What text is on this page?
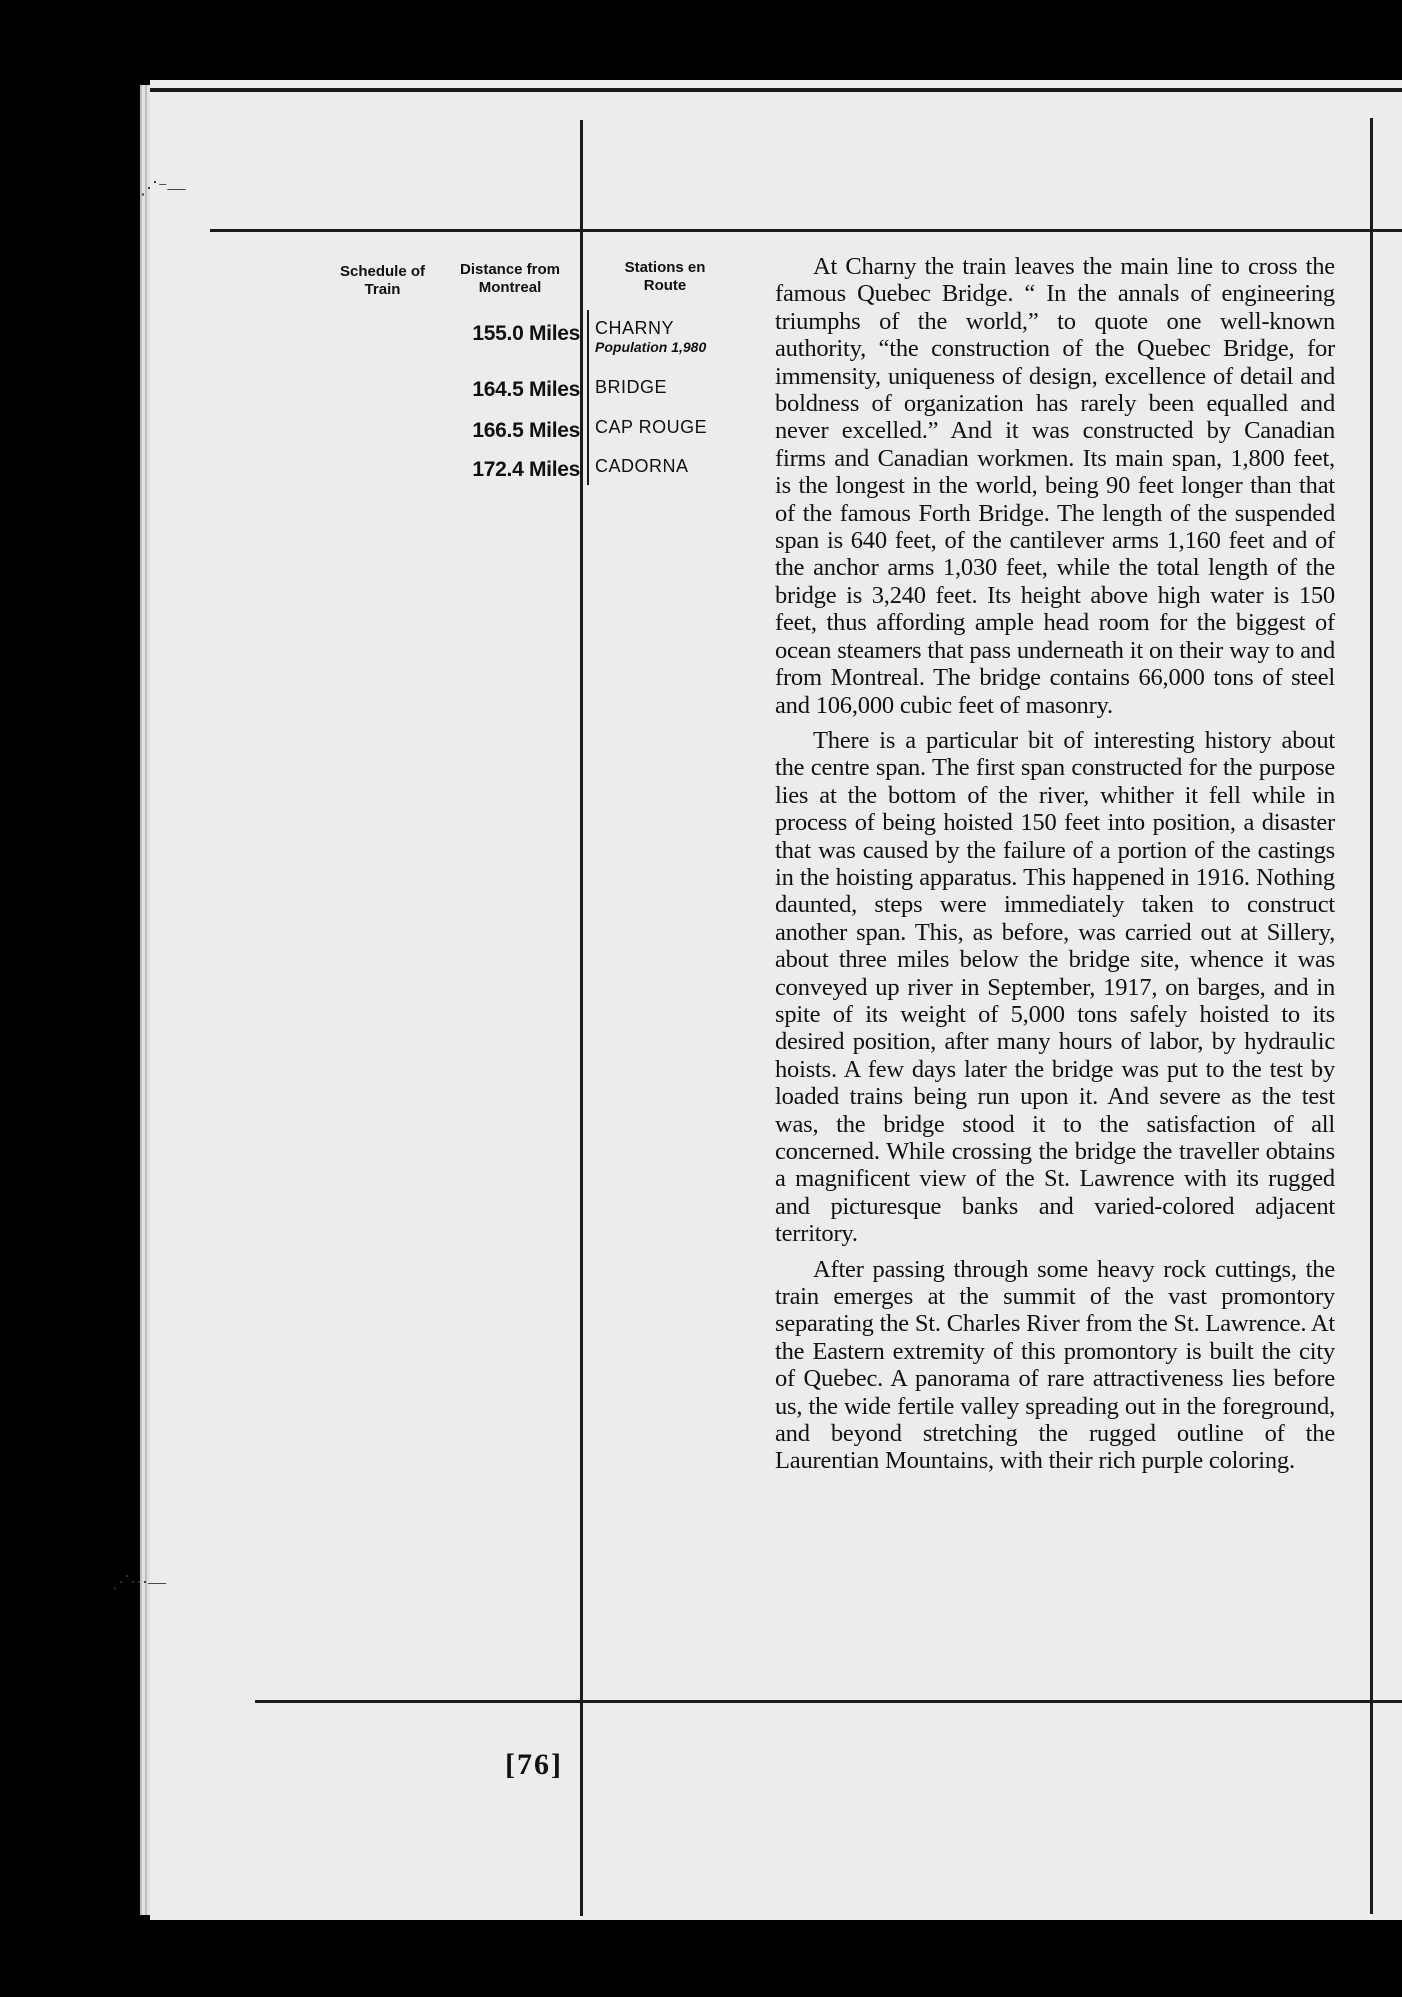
⋰⁻—
⋰⋯—
Schedule of Train
Distance from Montreal
Stations en Route
155.0 Miles CHARNY
Population 1,980
164.5 Miles BRIDGE
166.5 Miles CAP ROUGE
172.4 Miles CADORNA

At Charny the train leaves the main line to cross the famous Quebec Bridge. “ In the annals of engineering triumphs of the world,” to quote one well-known authority, “the construction of the Quebec Bridge, for immensity, uniqueness of design, excellence of detail and boldness of organization has rarely been equalled and never excelled.” And it was constructed by Canadian firms and Canadian workmen. Its main span, 1,800 feet, is the longest in the world, being 90 feet longer than that of the famous Forth Bridge. The length of the suspended span is 640 feet, of the cantilever arms 1,160 feet and of the anchor arms 1,030 feet, while the total length of the bridge is 3,240 feet. Its height above high water is 150 feet, thus affording ample head room for the biggest of ocean steamers that pass underneath it on their way to and from Montreal. The bridge contains 66,000 tons of steel and 106,000 cubic feet of masonry.

There is a particular bit of interesting history about the centre span. The first span constructed for the purpose lies at the bottom of the river, whither it fell while in process of being hoisted 150 feet into position, a disaster that was caused by the failure of a portion of the castings in the hoisting apparatus. This happened in 1916. Nothing daunted, steps were immediately taken to construct another span. This, as before, was carried out at Sillery, about three miles below the bridge site, whence it was conveyed up river in September, 1917, on barges, and in spite of its weight of 5,000 tons safely hoisted to its desired position, after many hours of labor, by hydraulic hoists. A few days later the bridge was put to the test by loaded trains being run upon it. And severe as the test was, the bridge stood it to the satisfaction of all concerned. While crossing the bridge the traveller obtains a magnificent view of the St. Lawrence with its rugged and picturesque banks and varied-colored adjacent territory.

After passing through some heavy rock cuttings, the train emerges at the summit of the vast promontory separating the St. Charles River from the St. Lawrence. At the Eastern extremity of this promontory is built the city of Quebec. A panorama of rare attractiveness lies before us, the wide fertile valley spreading out in the foreground, and beyond stretching the rugged outline of the Laurentian Mountains, with their rich purple coloring.

[76]
